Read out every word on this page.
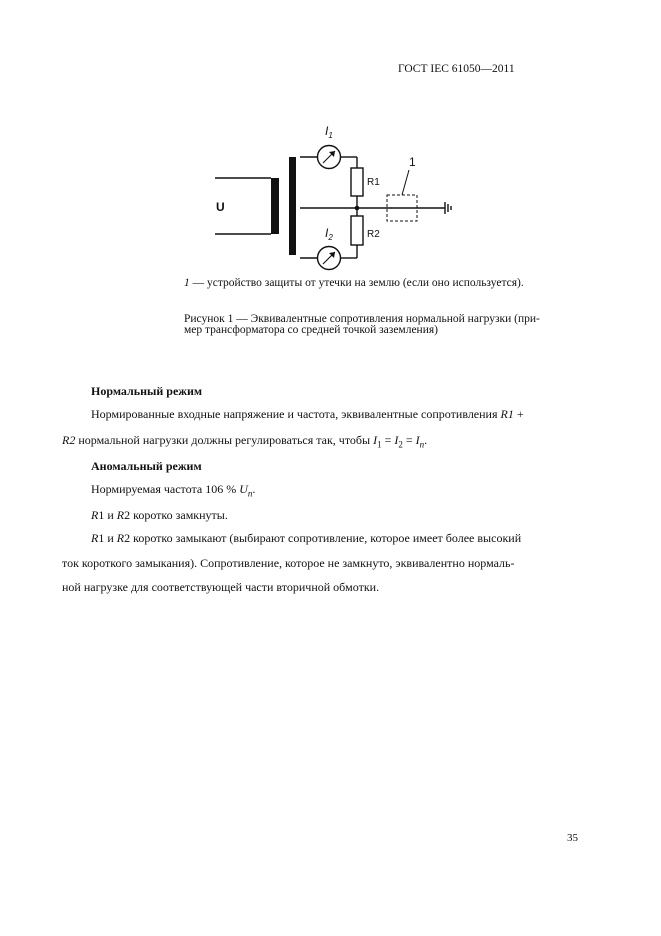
ГОСТ IEC 61050—2011
U
$I_1$
$I_2$
R1
R2
1
1 — устройство защиты от утечки на землю (если оно используется).
Рисунок 1 — Эквивалентные сопротивления нормальной нагрузки (при-
мер трансформатора со средней точкой заземления)
Нормальный режим
Нормированные входные напряжение и частота, эквивалентные сопротивления R1 +
R2 нормальной нагрузки должны регулироваться так, чтобы $I_1 = I_2 = I_n$.
Аномальный режим
Нормируемая частота 106 % $U_n$.
R1 и R2 коротко замкнуты.
R1 и R2 коротко замыкают (выбирают сопротивление, которое имеет более высокий
ток короткого замыкания). Сопротивление, которое не замкнуто, эквивалентно нормаль-
ной нагрузке для соответствующей части вторичной обмотки.
35
